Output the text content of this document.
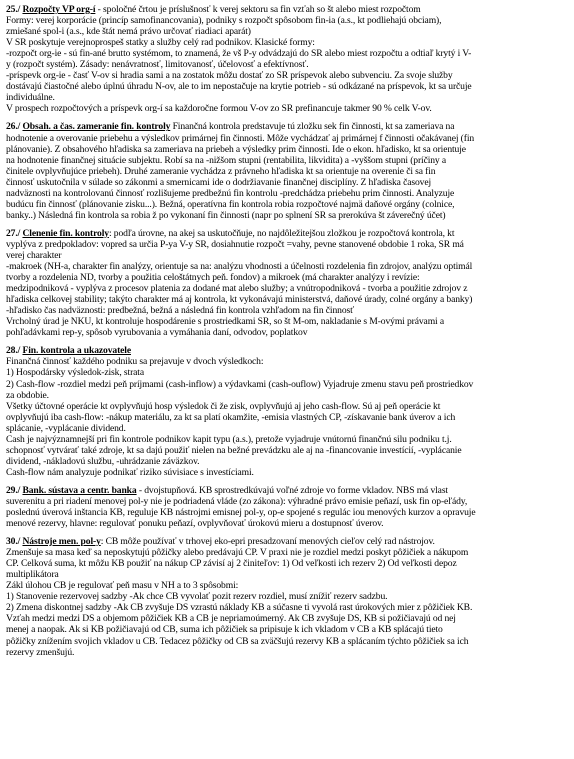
25./ Rozpočty VP org-í - spoločné črtou je príslušnosť k verej sektoru sa fin vzťah so št alebo miest rozpočtom
Formy: verej korporácie (princíp samofinancovania), podniky s rozpočt spôsobom fin-ia (a.s., kt podliehajú obciam),
zmiešané spol-i (a.s., kde štát nemá právo určovať riadiaci aparát)
V SR poskytuje verejnoprospeš statky a služby celý rad podnikov. Klasické formy:
-rozpočt org-ie - sú fin-ané brutto systémom, to znamená, že vš P-y odvádzajú do SR alebo miest rozpočtu a odtiaľ krytý i V-
y (rozpočt systém). Zásady: nenávratnosť, limitovanosť, účelovosť a efektívnosť.
-príspevk org-ie - časť V-ov si hradia sami a na zostatok môžu dostať zo SR príspevok alebo subvenciu. Za svoje služby
dostávajú čiastočné alebo úplnú úhradu N-ov, ale to im nepostačuje na krytie potrieb - sú odkázané na príspevok, kt sa určuje
individuálne.
V prospech rozpočtových a príspevk org-í sa každoročne formou V-ov zo SR prefinancuje takmer 90 % celk V-ov.
26./ Obsah. a čas. zameranie fin. kontroly Finančná kontrola predstavuje tú zložku sek fin činnosti, kt sa zameriava na
hodnotenie a overovanie priebehu a výsledkov primárnej fin činnosti. Môže vychádzať aj primárnej f činnosti očakávanej (fin
plánovanie). Z obsahového hľadiska sa zameriava na priebeh a výsledky prim činnosti. Ide o ekon. hľadisko, kt sa orientuje
na hodnotenie finančnej situácie subjektu. Robí sa na -nižšom stupni (rentabilita, likvidita) a -vyššom stupni (príčiny a
činitele ovplyvňujúce priebeh). Druhé zameranie vychádza z právneho hľadiska kt sa orientuje na overenie či sa fin
činnosť uskutočnila v súlade so zákonmi a smernicami ide o dodržiavanie finančnej disciplíny. Z hľadiska časovej
nadväznosti na kontrolovanú činnosť rozlišujeme predbežnú fin kontrolu -predchádza priebehu prim činnosti. Analyzuje
budúcu fin činnosť (plánovanie zisku...). Bežná, operatívna fin kontrola robia rozpočtové najmä daňové orgány (colnice,
banky..) Následná fin kontrola sa robia ž po vykonaní fin činnosti (napr po splnení SR sa prerokúva št záverečný účet)
27./ Clenenie fin. kontroly: podľa úrovne, na akej sa uskutočňuje, no najdôležitejšou zložkou je rozpočtová kontrola, kt
vyplýva z predpokladov: vopred sa určia P-ya V-y SR, dosiahnutie rozpočt =vahy, pevne stanovené obdobie 1 roka, SR má
verej charakter
-makroek (NH-a, charakter fin analýzy, orientuje sa na: analýzu vhodnosti a účelnosti rozdelenia fin zdrojov, analýzu optimál
tvorby a rozdelenia ND, tvorby a použitia celoštátnych peň. fondov) a mikroek (má charakter analýzy i revízie:
medzipodniková - vyplýva z procesov platenia za dodané mat alebo služby; a vnútropodniková - tvorba a použitie zdrojov z
hľadiska celkovej stability; takýto charakter má aj kontrola, kt vykonávajú ministerstvá, daňové úrady, colné orgány a banky)
-hľadisko čas nadväznosti: predbežná, bežná a následná fin kontrola vzhľadom na fin činnosť
Vrcholný úrad je NKU, kt kontroluje hospodárenie s prostriedkami SR, so št M-om, nakladanie s M-ovými právami a
pohľadávkami rep-y, spôsob vyrubovania a vymáhania daní, odvodov, poplatkov
28./ Fin. kontrola a ukazovatele
Finančná činnosť každého podniku sa prejavuje v dvoch výsledkoch:
1) Hospodársky výsledok-zisk, strata
2) Cash-flow -rozdiel medzi peň príjmami (cash-inflow) a výdavkami (cash-ouflow) Vyjadruje zmenu stavu peň prostriedkov
za obdobie.
Všetky účtovné operácie kt ovplyvňujú hosp výsledok či že zisk, ovplyvňujú aj jeho cash-flow. Sú aj peň operácie kt
ovplyvňujú iba cash-flow: -nákup materiálu, za kt sa platí okamžite, -emisia vlastných CP, -získavanie bank úverov a ich
splácanie, -vyplácanie dividend.
Cash je najvýznamnejší pri fin kontrole podnikov kapit typu (a.s.), pretože vyjadruje vnútornú finančnú silu podniku t.j.
schopnosť vytvárať také zdroje, kt sa dajú použiť nielen na bežné prevádzku ale aj na -financovanie investícií, -vyplácanie
dividend, -nákladovú službu, -uhrádzanie záväzkov.
Cash-flow nám analyzuje podnikať riziko súvisiace s investíciami.
29./ Bank. sústava a centr. banka - dvojstupňová. KB sprostredkúvajú voľné zdroje vo forme vkladov. NBS má vlast
suverenitu a pri riadení menovej pol-y nie je podriadená vláde (zo zákona): výhradné právo emisie peňazí, usk fin op-eľády,
poslednú úverová inštancia KB, reguluje KB nástrojmi emisnej pol-y, op-e spojené s regulác iou menových kurzov a opravuje
menové rezervy, hlavne: regulovať ponuku peňazí, ovplyvňovať úrokovú mieru a dostupnosť úverov.
30./ Nástroje men. pol-y: CB môže používať v trhovej eko-epri presadzovaní menových cieľov celý rad nástrojov.
Zmenšuje sa masa keď sa neposkytujú pôžičky alebo predávajú CP. V praxi nie je rozdiel medzi poskyt pôžičiek a nákupom
CP. Celková suma, kt môžu KB použiť na nákup CP závisí aj 2 činiteľov: 1) Od veľkosti ich rezerv 2) Od veľkosti depoz
multiplikátora
Zákl úlohou CB je regulovať peň masu v NH a to 3 spôsobmi:
1) Stanovenie rezervovej sadzby -Ak chce CB vyvolať pozit rezerv rozdiel, musí znížiť rezerv sadzbu.
2) Zmena diskontnej sadzby -Ak CB zvyšuje DS vzrastú náklady KB a súčasne ti vyvolá rast úrokových mier z pôžičiek KB.
Vzťah medzi medzi DS a objemom pôžičiek KB a CB je nepriamoúmerný. Ak CB zvyšuje DS, KB si požičiavajú od nej
menej a naopak. Ak si KB požičiavajú od CB, suma ich pôžičiek sa pripisuje k ich vkladom v CB a KB splácajú tieto
pôžičky znížením svojich vkladov u CB. Tedacez pôžičky od CB sa zväčšujú rezervy KB a splácaním týchto pôžičiek sa ich
rezervy zmenšujú.
